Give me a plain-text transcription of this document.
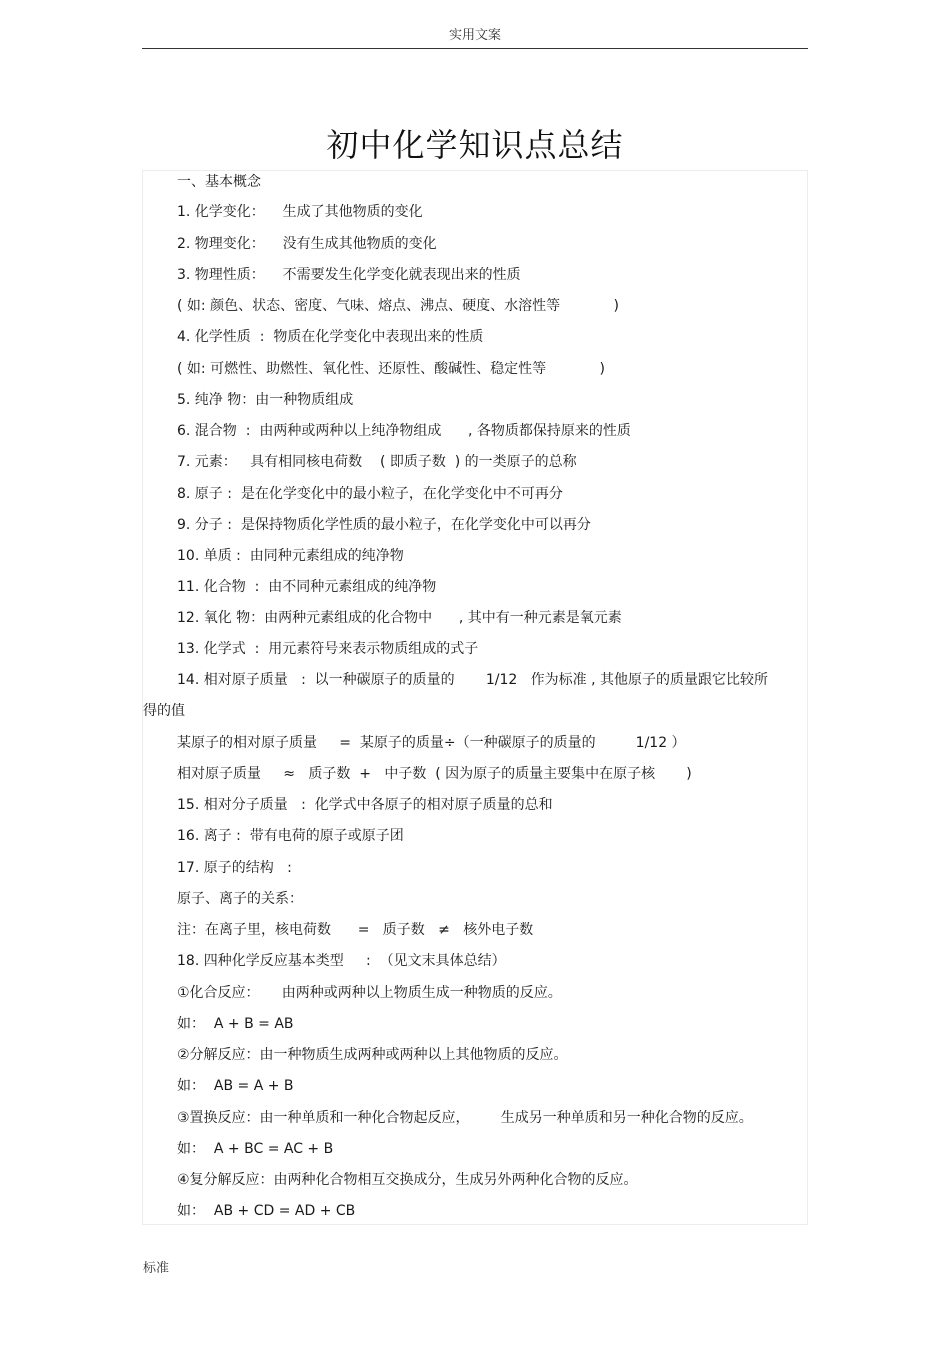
实用文案
初中化学知识点总结
一、基本概念
1. 化学变化：    生成了其他物质的变化
2. 物理变化：    没有生成其他物质的变化
3. 物理性质：    不需要发生化学变化就表现出来的性质
( 如: 颜色、状态、密度、气味、熔点、沸点、硬度、水溶性等            )
4. 化学性质  :  物质在化学变化中表现出来的性质
( 如: 可燃性、助燃性、氧化性、还原性、酸碱性、稳定性等            )
5. 纯净 物：由一种物质组成
6. 混合物  :  由两种或两种以上纯净物组成      , 各物质都保持原来的性质
7. 元素：   具有相同核电荷数    ( 即质子数  ) 的一类原子的总称
8. 原子 :  是在化学变化中的最小粒子，在化学变化中不可再分
9. 分子 :  是保持物质化学性质的最小粒子，在化学变化中可以再分
10. 单质 :  由同种元素组成的纯净物
11. 化合物  :  由不同种元素组成的纯净物
12. 氧化 物：由两种元素组成的化合物中      , 其中有一种元素是氧元素
13. 化学式  :  用元素符号来表示物质组成的式子
14. 相对原子质量   :  以一种碳原子的质量的       1/12   作为标准 , 其他原子的质量跟它比较所
得的值
某原子的相对原子质量     =  某原子的质量÷（一种碳原子的质量的         1/12 ）
相对原子质量     ≈   质子数  +   中子数  ( 因为原子的质量主要集中在原子核       )
15. 相对分子质量   :  化学式中各原子的相对原子质量的总和
16. 离子 :  带有电荷的原子或原子团
17. 原子的结构   :
原子、离子的关系：
注：在离子里，核电荷数      =   质子数   ≠   核外电子数
18. 四种化学反应基本类型     :  （见文末具体总结）
①化合反应：     由两种或两种以上物质生成一种物质的反应。
如：  A + B = AB
②分解反应：由一种物质生成两种或两种以上其他物质的反应。
如：  AB = A + B
③置换反应：由一种单质和一种化合物起反应，       生成另一种单质和另一种化合物的反应。
如：  A + BC = AC + B
④复分解反应：由两种化合物相互交换成分，生成另外两种化合物的反应。
如：  AB + CD = AD + CB
标准
